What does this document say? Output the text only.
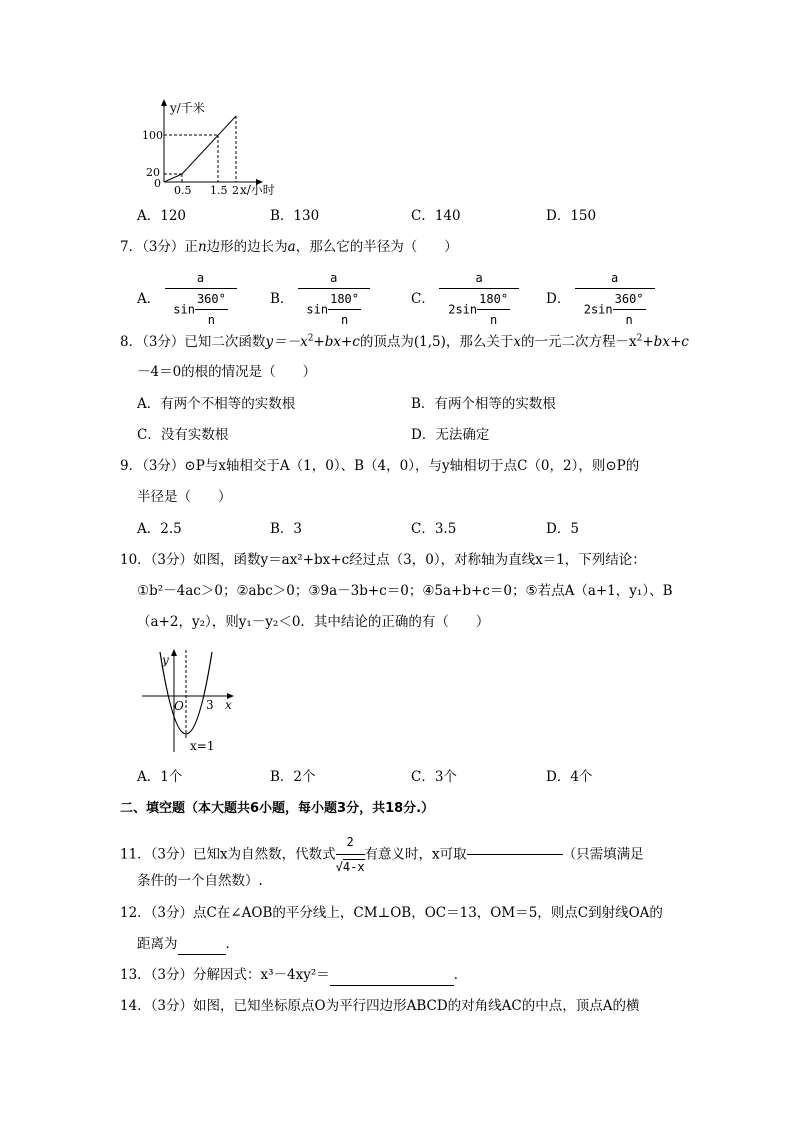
y/千米
100
20
0
0.5 1.5 2 x/小时
A．120	B．130	C．140	D．150
7．（3分）正n边形的边长为a，那么它的半径为（　　）
A． $\frac{a}{\sin \frac{360^\circ}{n}}$ B． $\frac{a}{\sin \frac{180^\circ}{n}}$	C． $\frac{a}{2\sin \frac{180^\circ}{n}}$ D． $\frac{a}{2\sin \frac{360^\circ}{n}}$
8．（3分）已知二次函数$y=-x^2+bx+c$的顶点为(1,5)，那么关于x的一元二次方程$-x^2+bx+c$
－4＝0的根的情况是（　　）
A．有两个不相等的实数根	B．有两个相等的实数根
C．没有实数根	D．无法确定
9．（3分）⊙P与x轴相交于A（1，0）、B（4，0），与y轴相切于点C（0，2），则⊙P的
半径是（　　）
A．2.5	B．3	C．3.5	D．5
10．（3分）如图，函数y＝ax²+bx+c经过点（3，0），对称轴为直线x＝1，下列结论：
①b²－4ac＞0；②abc＞0；③9a－3b+c＝0；④5a+b+c＝0；⑤若点A（a+1，y₁）、B
（a+2，y₂），则y₁－y₂＜0．其中结论的正确的有（　　）
y
O 3 x
x=1
A．1个	B．2个	C．3个	D．4个
二、填空题（本大题共6小题，每小题3分，共18分.）
11．（3分）已知x为自然数，代数式 $\frac{2}{√4-x}$ 有意义时，x可取	（只需填满足
条件的一个自然数）.
12．（3分）点C在∠AOB的平分线上，CM⊥OB，OC＝13，OM＝5，则点C到射线OA的
距离为	．
13．（3分）分解因式：x³－4xy²＝	．
14．（3分）如图，已知坐标原点O为平行四边形ABCD的对角线AC的中点，顶点A的横
